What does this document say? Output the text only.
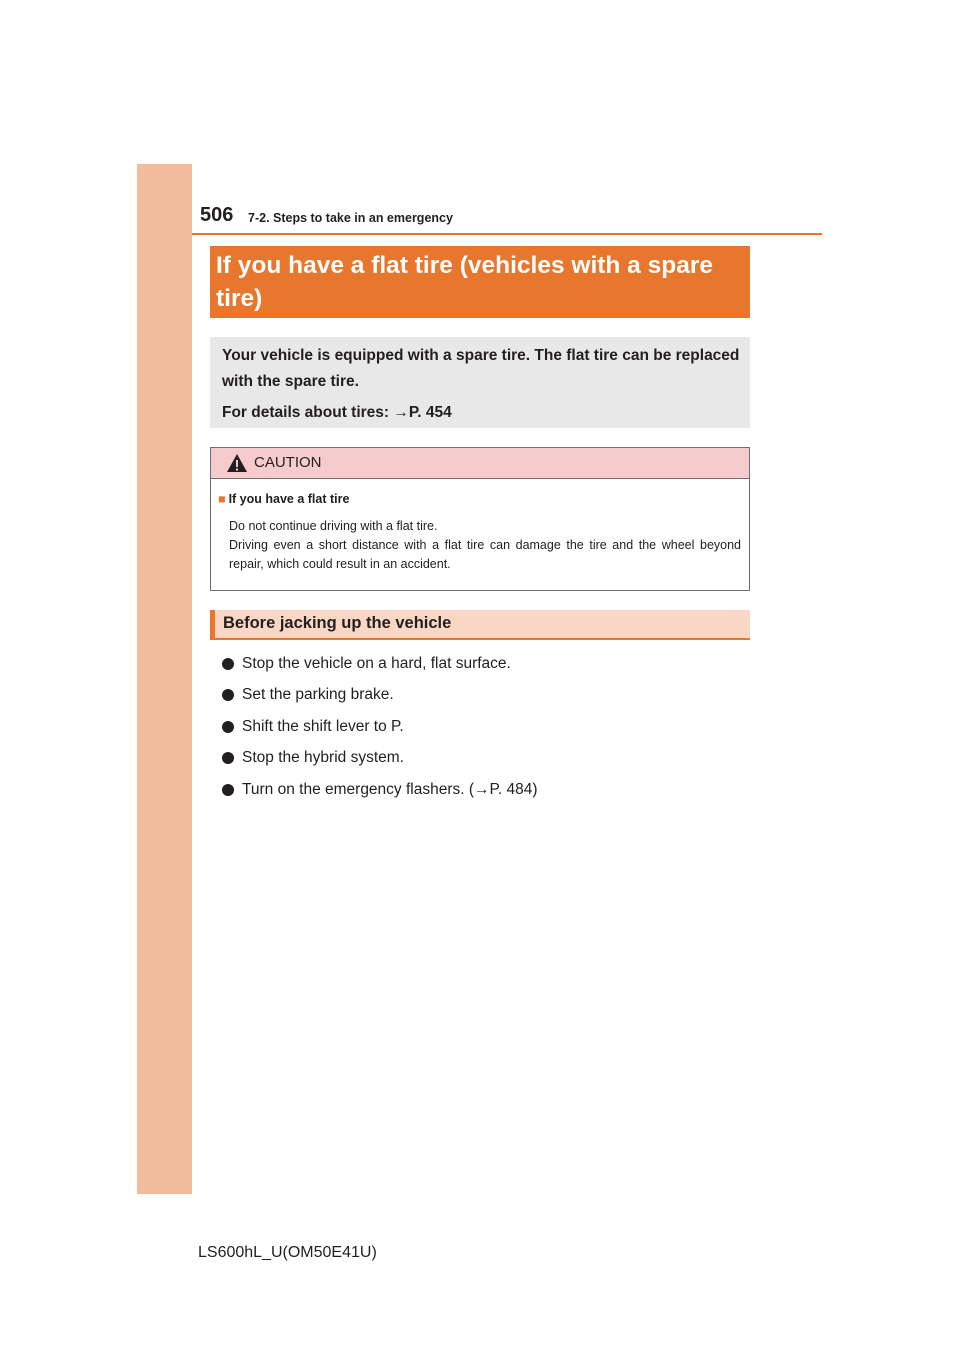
506 7-2. Steps to take in an emergency
If you have a flat tire (vehicles with a spare tire)
Your vehicle is equipped with a spare tire. The flat tire can be replaced
with the spare tire.
For details about tires: →P. 454
CAUTION
■ If you have a flat tire

Do not continue driving with a flat tire.

Driving even a short distance with a flat tire can damage the tire and the wheel beyond repair, which could result in an accident.

Before jacking up the vehicle
Stop the vehicle on a hard, flat surface.
Set the parking brake.
Shift the shift lever to P.
Stop the hybrid system.
Turn on the emergency flashers. (→P. 484)
LS600hL_U(OM50E41U)
